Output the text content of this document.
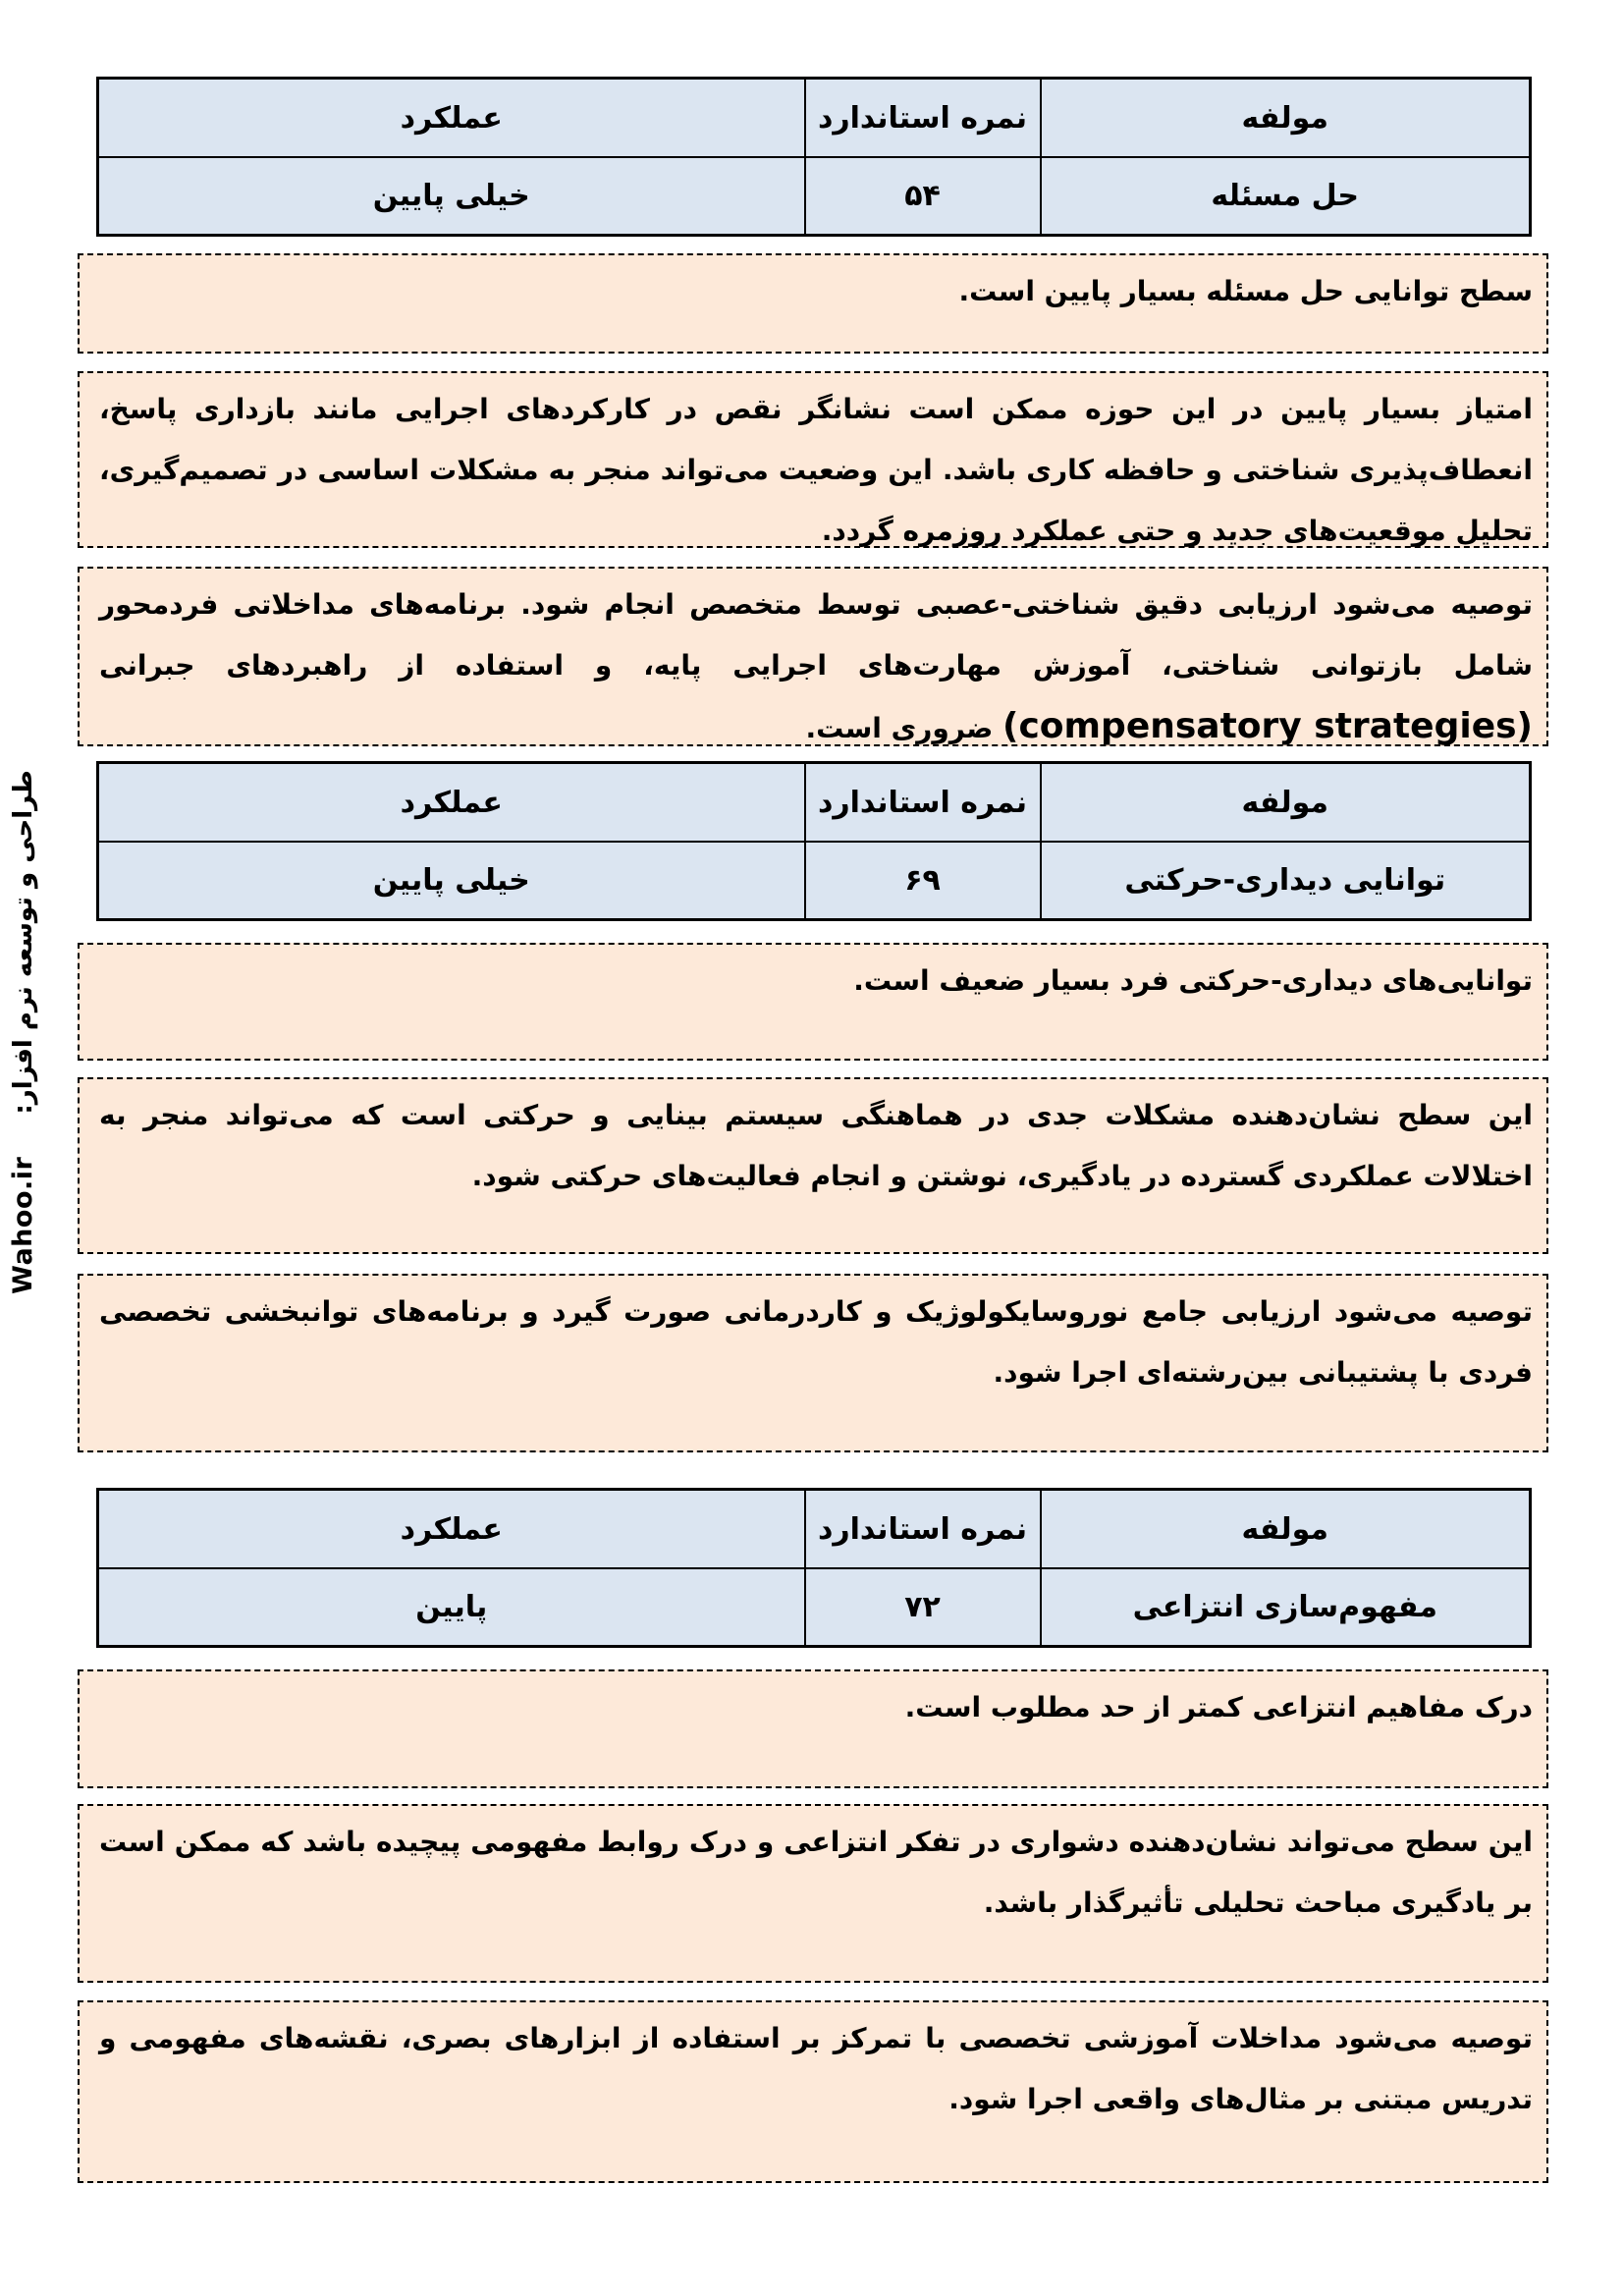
طراحی و توسعه نرم افزار: Wahoo.ir
مولفه	نمره استاندارد	عملکرد
حل مسئله	۵۴	خیلی پایین
سطح توانایی حل مسئله بسیار پایین است.
امتیاز بسیار پایین در این حوزه ممکن است نشانگر نقص در کارکردهای اجرایی مانند بازداری پاسخ، انعطاف‌پذیری شناختی و حافظه کاری باشد. این وضعیت می‌تواند منجر به مشکلات اساسی در تصمیم‌گیری، تحلیل موقعیت‌های جدید و حتی عملکرد روزمره گردد.
توصیه می‌شود ارزیابی دقیق شناختی-عصبی توسط متخصص انجام شود. برنامه‌های مداخلاتی فردمحور شامل بازتوانی شناختی، آموزش مهارت‌های اجرایی پایه، و استفاده از راهبردهای جبرانی (compensatory strategies) ضروری است.
مولفه	نمره استاندارد	عملکرد
توانایی دیداری-حرکتی	۶۹	خیلی پایین
توانایی‌های دیداری-حرکتی فرد بسیار ضعیف است.
این سطح نشان‌دهنده مشکلات جدی در هماهنگی سیستم بینایی و حرکتی است که می‌تواند منجر به اختلالات عملکردی گسترده در یادگیری، نوشتن و انجام فعالیت‌های حرکتی شود.
توصیه می‌شود ارزیابی جامع نوروسایکولوژیک و کاردرمانی صورت گیرد و برنامه‌های توانبخشی تخصصی فردی با پشتیبانی بین‌رشته‌ای اجرا شود.
مولفه	نمره استاندارد	عملکرد
مفهوم‌سازی انتزاعی	۷۲	پایین
درک مفاهیم انتزاعی کمتر از حد مطلوب است.
این سطح می‌تواند نشان‌دهنده دشواری در تفکر انتزاعی و درک روابط مفهومی پیچیده باشد که ممکن است بر یادگیری مباحث تحلیلی تأثیرگذار باشد.
توصیه می‌شود مداخلات آموزشی تخصصی با تمرکز بر استفاده از ابزارهای بصری، نقشه‌های مفهومی و تدریس مبتنی بر مثال‌های واقعی اجرا شود.
